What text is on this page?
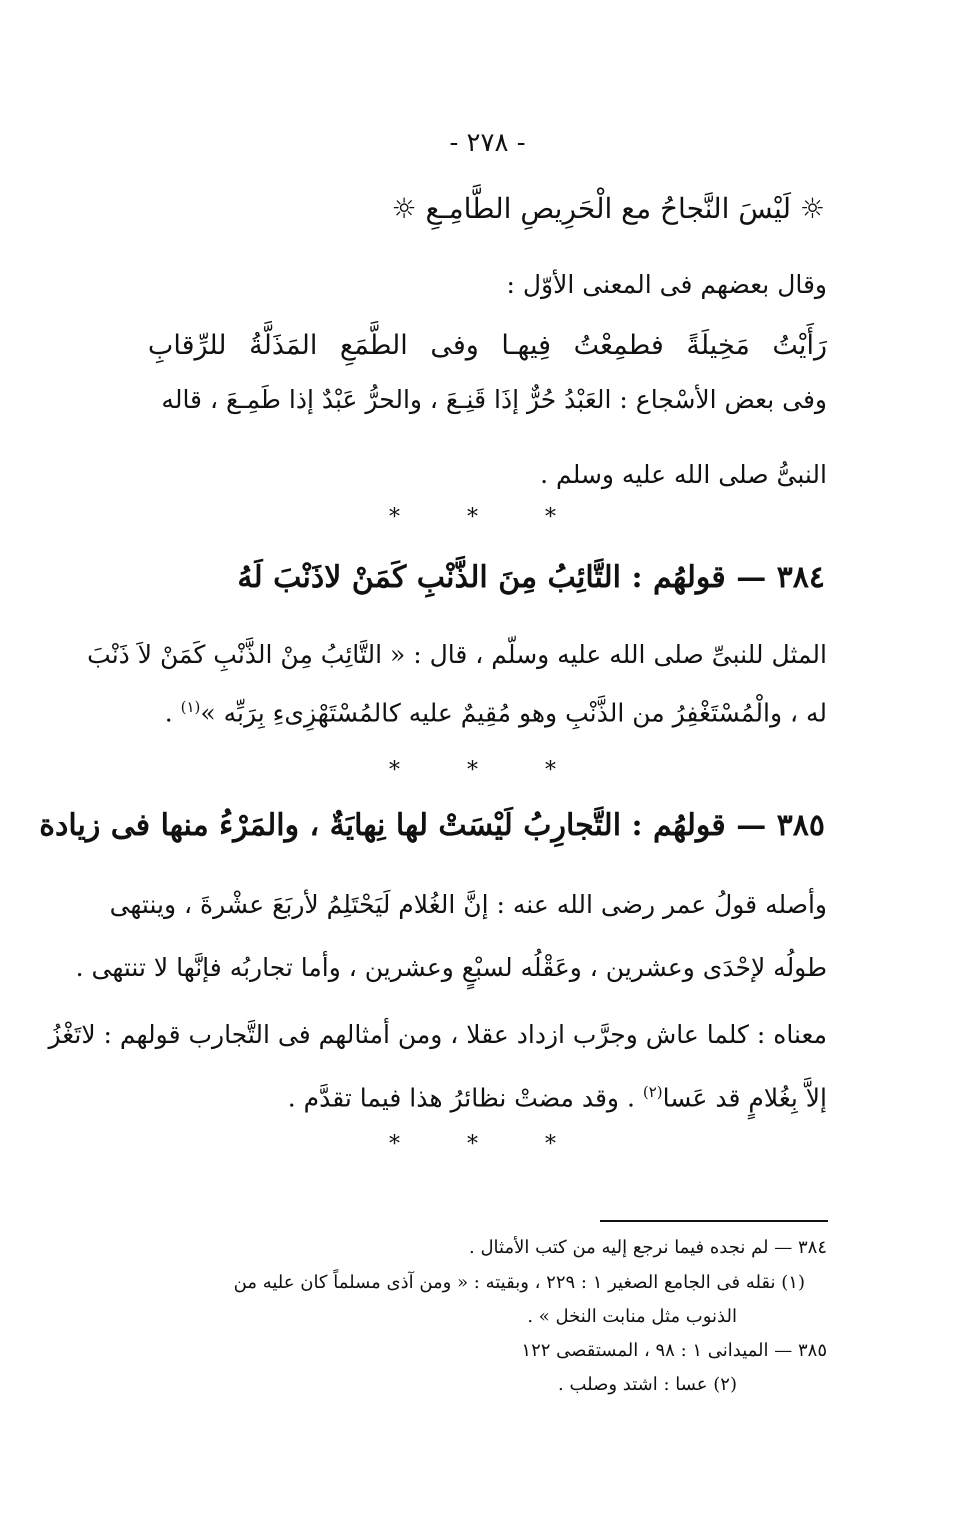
- ٢٧٨ -
☼ لَيْسَ النَّجاحُ مع الْحَرِيصِ الطَّامِـعِ ☼
وقال بعضهم فى المعنى الأوّل :
رَأَيْتُ مَخِيلَةً فطمِعْتُ فِيهـا وفى الطَّمَعِ المَذَلَّةُ للرِّقابِ
وفى بعض الأسْجاع : العَبْدُ حُرٌّ إذَا قَنِـعَ ، والحرُّ عَبْدٌ إذا طَمِـعَ ، قاله
النبىُّ صلى الله عليه وسلم .
* * *
٣٨٤ — قولهُم : التَّائِبُ مِنَ الذَّنْبِ كَمَنْ لاذَنْبَ لَهُ
المثل للنبىِّ صلى الله عليه وسلّم ، قال : « التَّائِبُ مِنْ الذَّنْبِ كَمَنْ لاَ ذَنْبَ
له ، والْمُسْتَغْفِرُ من الذَّنْبِ وهو مُقِيمٌ عليه كالمُسْتَهْزِىءِ بِرَبِّه »$^{(١)}$ .
* * *
٣٨٥ — قولهُم : التَّجارِبُ لَيْسَتْ لها نِهايَةٌ ، والمَرْءُ منها فى زيادة
وأصله قولُ عمر رضى الله عنه : إنَّ الغُلام لَيَحْتَلِمُ لأربَعَ عشْرةَ ، وينتهى
طولُه لإحْدَى وعشرين ، وعَقْلُه لسبْعٍ وعشرين ، وأما تجاربُه فإنَّها لا تنتهى .
معناه : كلما عاش وجرَّب ازداد عقلا ، ومن أمثالهم فى التَّجارب قولهم : لاتَغْزُ
إلاَّ بِغُلامٍ قد عَسا$^{(٢)}$ . وقد مضتْ نظائرُ هذا فيما تقدَّم .
* * *
٣٨٤ — لم نجده فيما نرجع إليه من كتب الأمثال .
(١) نقله فى الجامع الصغير ١ : ٢٢٩ ، وبقيته : « ومن آذى مسلماً كان عليه من
الذنوب مثل منابت النخل » .
٣٨٥ — الميدانى ١ : ٩٨ ، المستقصى ١٢٢
(٢) عسا : اشتد وصلب .
